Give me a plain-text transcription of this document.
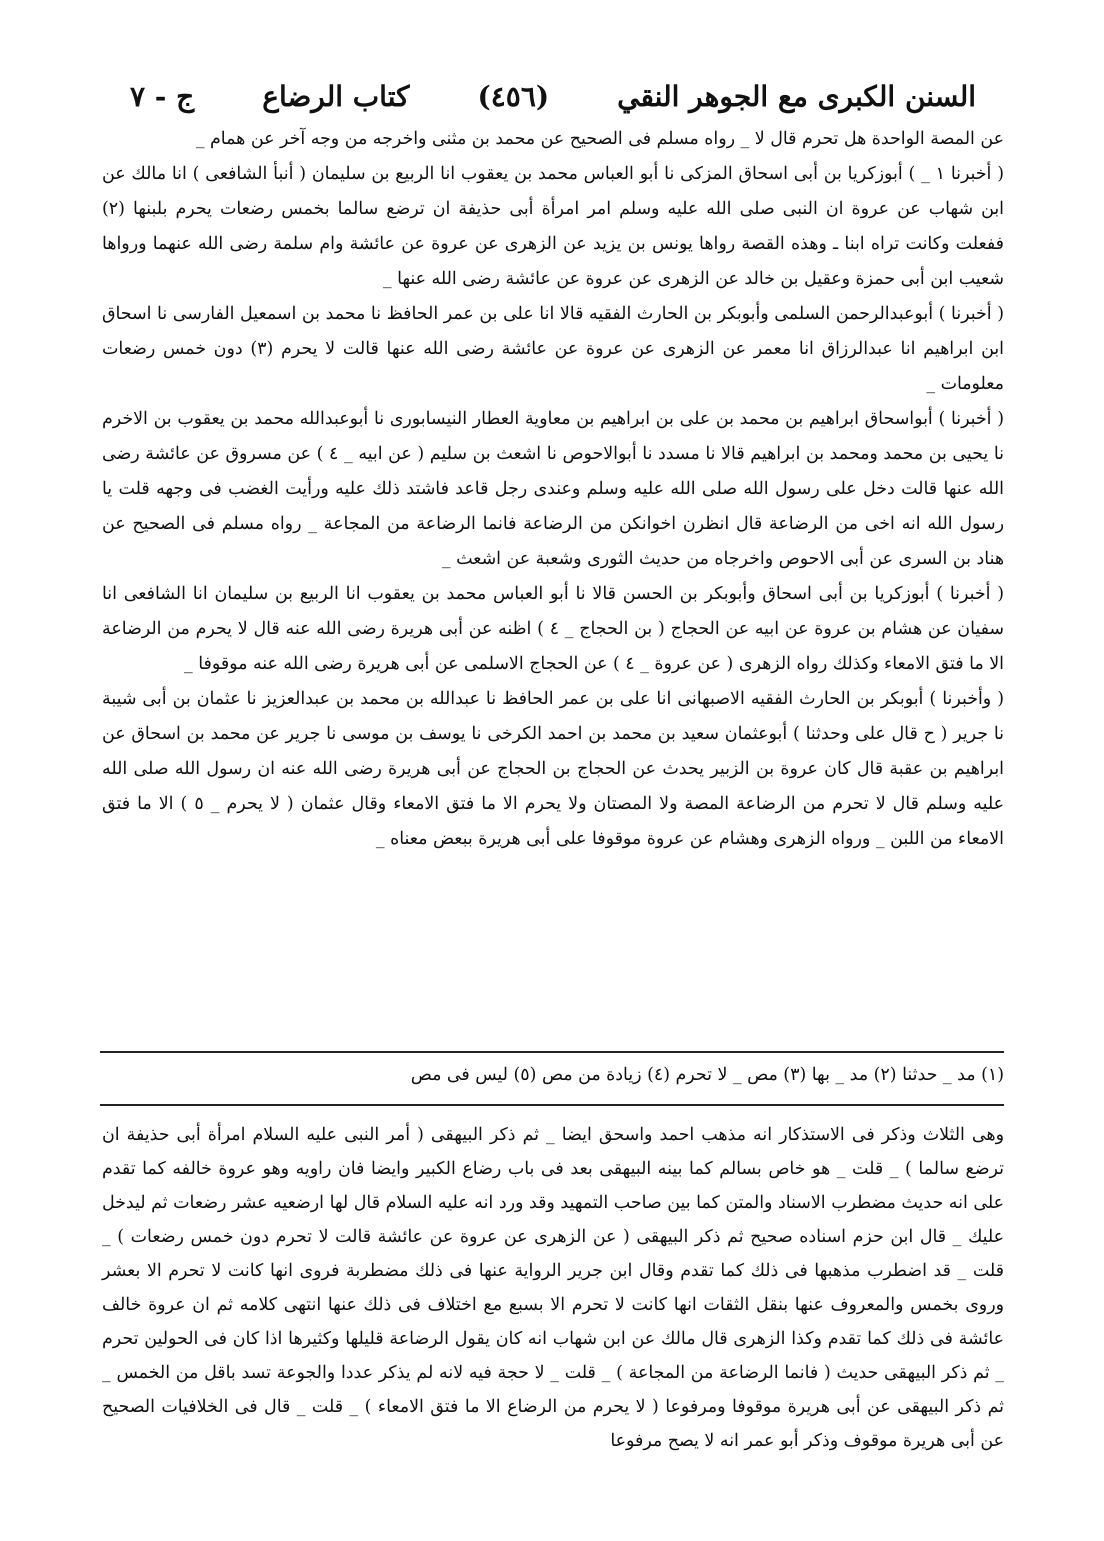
السنن الكبرى مع الجوهر النقي
(٤٥٦)
كتاب الرضاع
ج - ٧

عن المصة الواحدة هل تحرم قال لا _ رواه مسلم فى الصحيح عن محمد بن مثنى واخرجه من وجه آخر عن همام _

( أخبرنا ١ _ ) أبوزكريا بن أبى اسحاق المزكى نا أبو العباس محمد بن يعقوب انا الربيع بن سليمان ( أنبأ الشافعى ) انا مالك عن ابن شهاب عن عروة ان النبى صلى الله عليه وسلم امر امرأة أبى حذيفة ان ترضع سالما بخمس رضعات يحرم بلبنها (٢) ففعلت وكانت تراه ابنا ـ وهذه القصة رواها يونس بن يزيد عن الزهرى عن عروة عن عائشة وام سلمة رضى الله عنهما ورواها شعيب ابن أبى حمزة وعقيل بن خالد عن الزهرى عن عروة عن عائشة رضى الله عنها _

( أخبرنا ) أبوعبدالرحمن السلمى وأبوبكر بن الحارث الفقيه قالا انا على بن عمر الحافظ نا محمد بن اسمعيل الفارسى نا اسحاق ابن ابراهيم انا عبدالرزاق انا معمر عن الزهرى عن عروة عن عائشة رضى الله عنها قالت لا يحرم (٣) دون خمس رضعات معلومات _

( أخبرنا ) أبواسحاق ابراهيم بن محمد بن على بن ابراهيم بن معاوية العطار النيسابورى نا أبوعبدالله محمد بن يعقوب بن الاخرم نا يحيى بن محمد ومحمد بن ابراهيم قالا نا مسدد نا أبوالاحوص نا اشعث بن سليم ( عن ابيه _ ٤ ) عن مسروق عن عائشة رضى الله عنها قالت دخل على رسول الله صلى الله عليه وسلم وعندى رجل قاعد فاشتد ذلك عليه ورأيت الغضب فى وجهه قلت يا رسول الله انه اخى من الرضاعة قال انظرن اخوانكن من الرضاعة فانما الرضاعة من المجاعة _ رواه مسلم فى الصحيح عن هناد بن السرى عن أبى الاحوص واخرجاه من حديث الثورى وشعبة عن اشعث _

( أخبرنا ) أبوزكريا بن أبى اسحاق وأبوبكر بن الحسن قالا نا أبو العباس محمد بن يعقوب انا الربيع بن سليمان انا الشافعى انا سفيان عن هشام بن عروة عن ابيه عن الحجاج ( بن الحجاج _ ٤ ) اظنه عن أبى هريرة رضى الله عنه قال لا يحرم من الرضاعة الا ما فتق الامعاء وكذلك رواه الزهرى ( عن عروة _ ٤ ) عن الحجاج الاسلمى عن أبى هريرة رضى الله عنه موقوفا _

( وأخبرنا ) أبوبكر بن الحارث الفقيه الاصبهانى انا على بن عمر الحافظ نا عبدالله بن محمد بن عبدالعزيز نا عثمان بن أبى شيبة نا جرير ( ح قال على وحدثنا ) أبوعثمان سعيد بن محمد بن احمد الكرخى نا يوسف بن موسى نا جرير عن محمد بن اسحاق عن ابراهيم بن عقبة قال كان عروة بن الزبير يحدث عن الحجاج بن الحجاج عن أبى هريرة رضى الله عنه ان رسول الله صلى الله عليه وسلم قال لا تحرم من الرضاعة المصة ولا المصتان ولا يحرم الا ما فتق الامعاء وقال عثمان ( لا يحرم _ ٥ ) الا ما فتق الامعاء من اللبن _ ورواه الزهرى وهشام عن عروة موقوفا على أبى هريرة ببعض معناه _

(١) مد _ حدثنا (٢) مد _ بها (٣) مص _ لا تحرم (٤) زيادة من مص (٥) ليس فى مص

وهى الثلاث وذكر فى الاستذكار انه مذهب احمد واسحق ايضا _ ثم ذكر البيهقى ( أمر النبى عليه السلام امرأة أبى حذيفة ان ترضع سالما ) _ قلت _ هو خاص بسالم كما بينه البيهقى بعد فى باب رضاع الكبير وايضا فان راويه وهو عروة خالفه كما تقدم على انه حديث مضطرب الاسناد والمتن كما بين صاحب التمهيد وقد ورد انه عليه السلام قال لها ارضعيه عشر رضعات ثم ليدخل عليك _ قال ابن حزم اسناده صحيح ثم ذكر البيهقى ( عن الزهرى عن عروة عن عائشة قالت لا تحرم دون خمس رضعات ) _ قلت _ قد اضطرب مذهبها فى ذلك كما تقدم وقال ابن جرير الرواية عنها فى ذلك مضطربة فروى انها كانت لا تحرم الا بعشر وروى بخمس والمعروف عنها بنقل الثقات انها كانت لا تحرم الا بسبع مع اختلاف فى ذلك عنها انتهى كلامه ثم ان عروة خالف عائشة فى ذلك كما تقدم وكذا الزهرى قال مالك عن ابن شهاب انه كان يقول الرضاعة قليلها وكثيرها اذا كان فى الحولين تحرم _ ثم ذكر البيهقى حديث ( فانما الرضاعة من المجاعة ) _ قلت _ لا حجة فيه لانه لم يذكر عددا والجوعة تسد باقل من الخمس _ ثم ذكر البيهقى عن أبى هريرة موقوفا ومرفوعا ( لا يحرم من الرضاع الا ما فتق الامعاء ) _ قلت _ قال فى الخلافيات الصحيح عن أبى هريرة موقوف وذكر أبو عمر انه لا يصح مرفوعا
